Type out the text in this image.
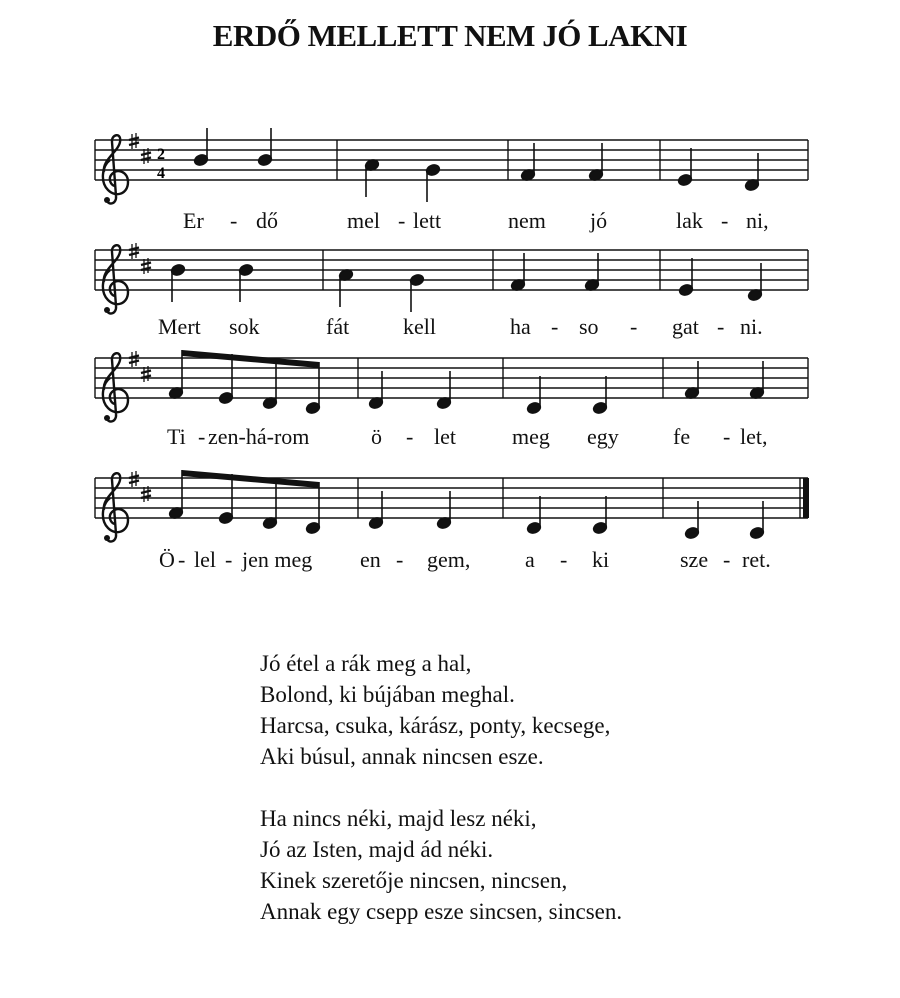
ERDŐ MELLETT NEM JÓ LAKNI
2
4
Er - dő	mel - lett	nem jó	lak - ni,
Mert sok	fát kell	ha - so - gat - ni.
Ti - zen-há-rom	ö - let	meg egy fe - let,
Ö - lel - jen meg en - gem, a - ki	sze - ret.
Jó étel a rák meg a hal,
Bolond, ki bújában meghal.
Harcsa, csuka, kárász, ponty, kecsege,
Aki búsul, annak nincsen esze.
Ha nincs néki, majd lesz néki,
Jó az Isten, majd ád néki.
Kinek szeretője nincsen, nincsen,
Annak egy csepp esze sincsen, sincsen.
